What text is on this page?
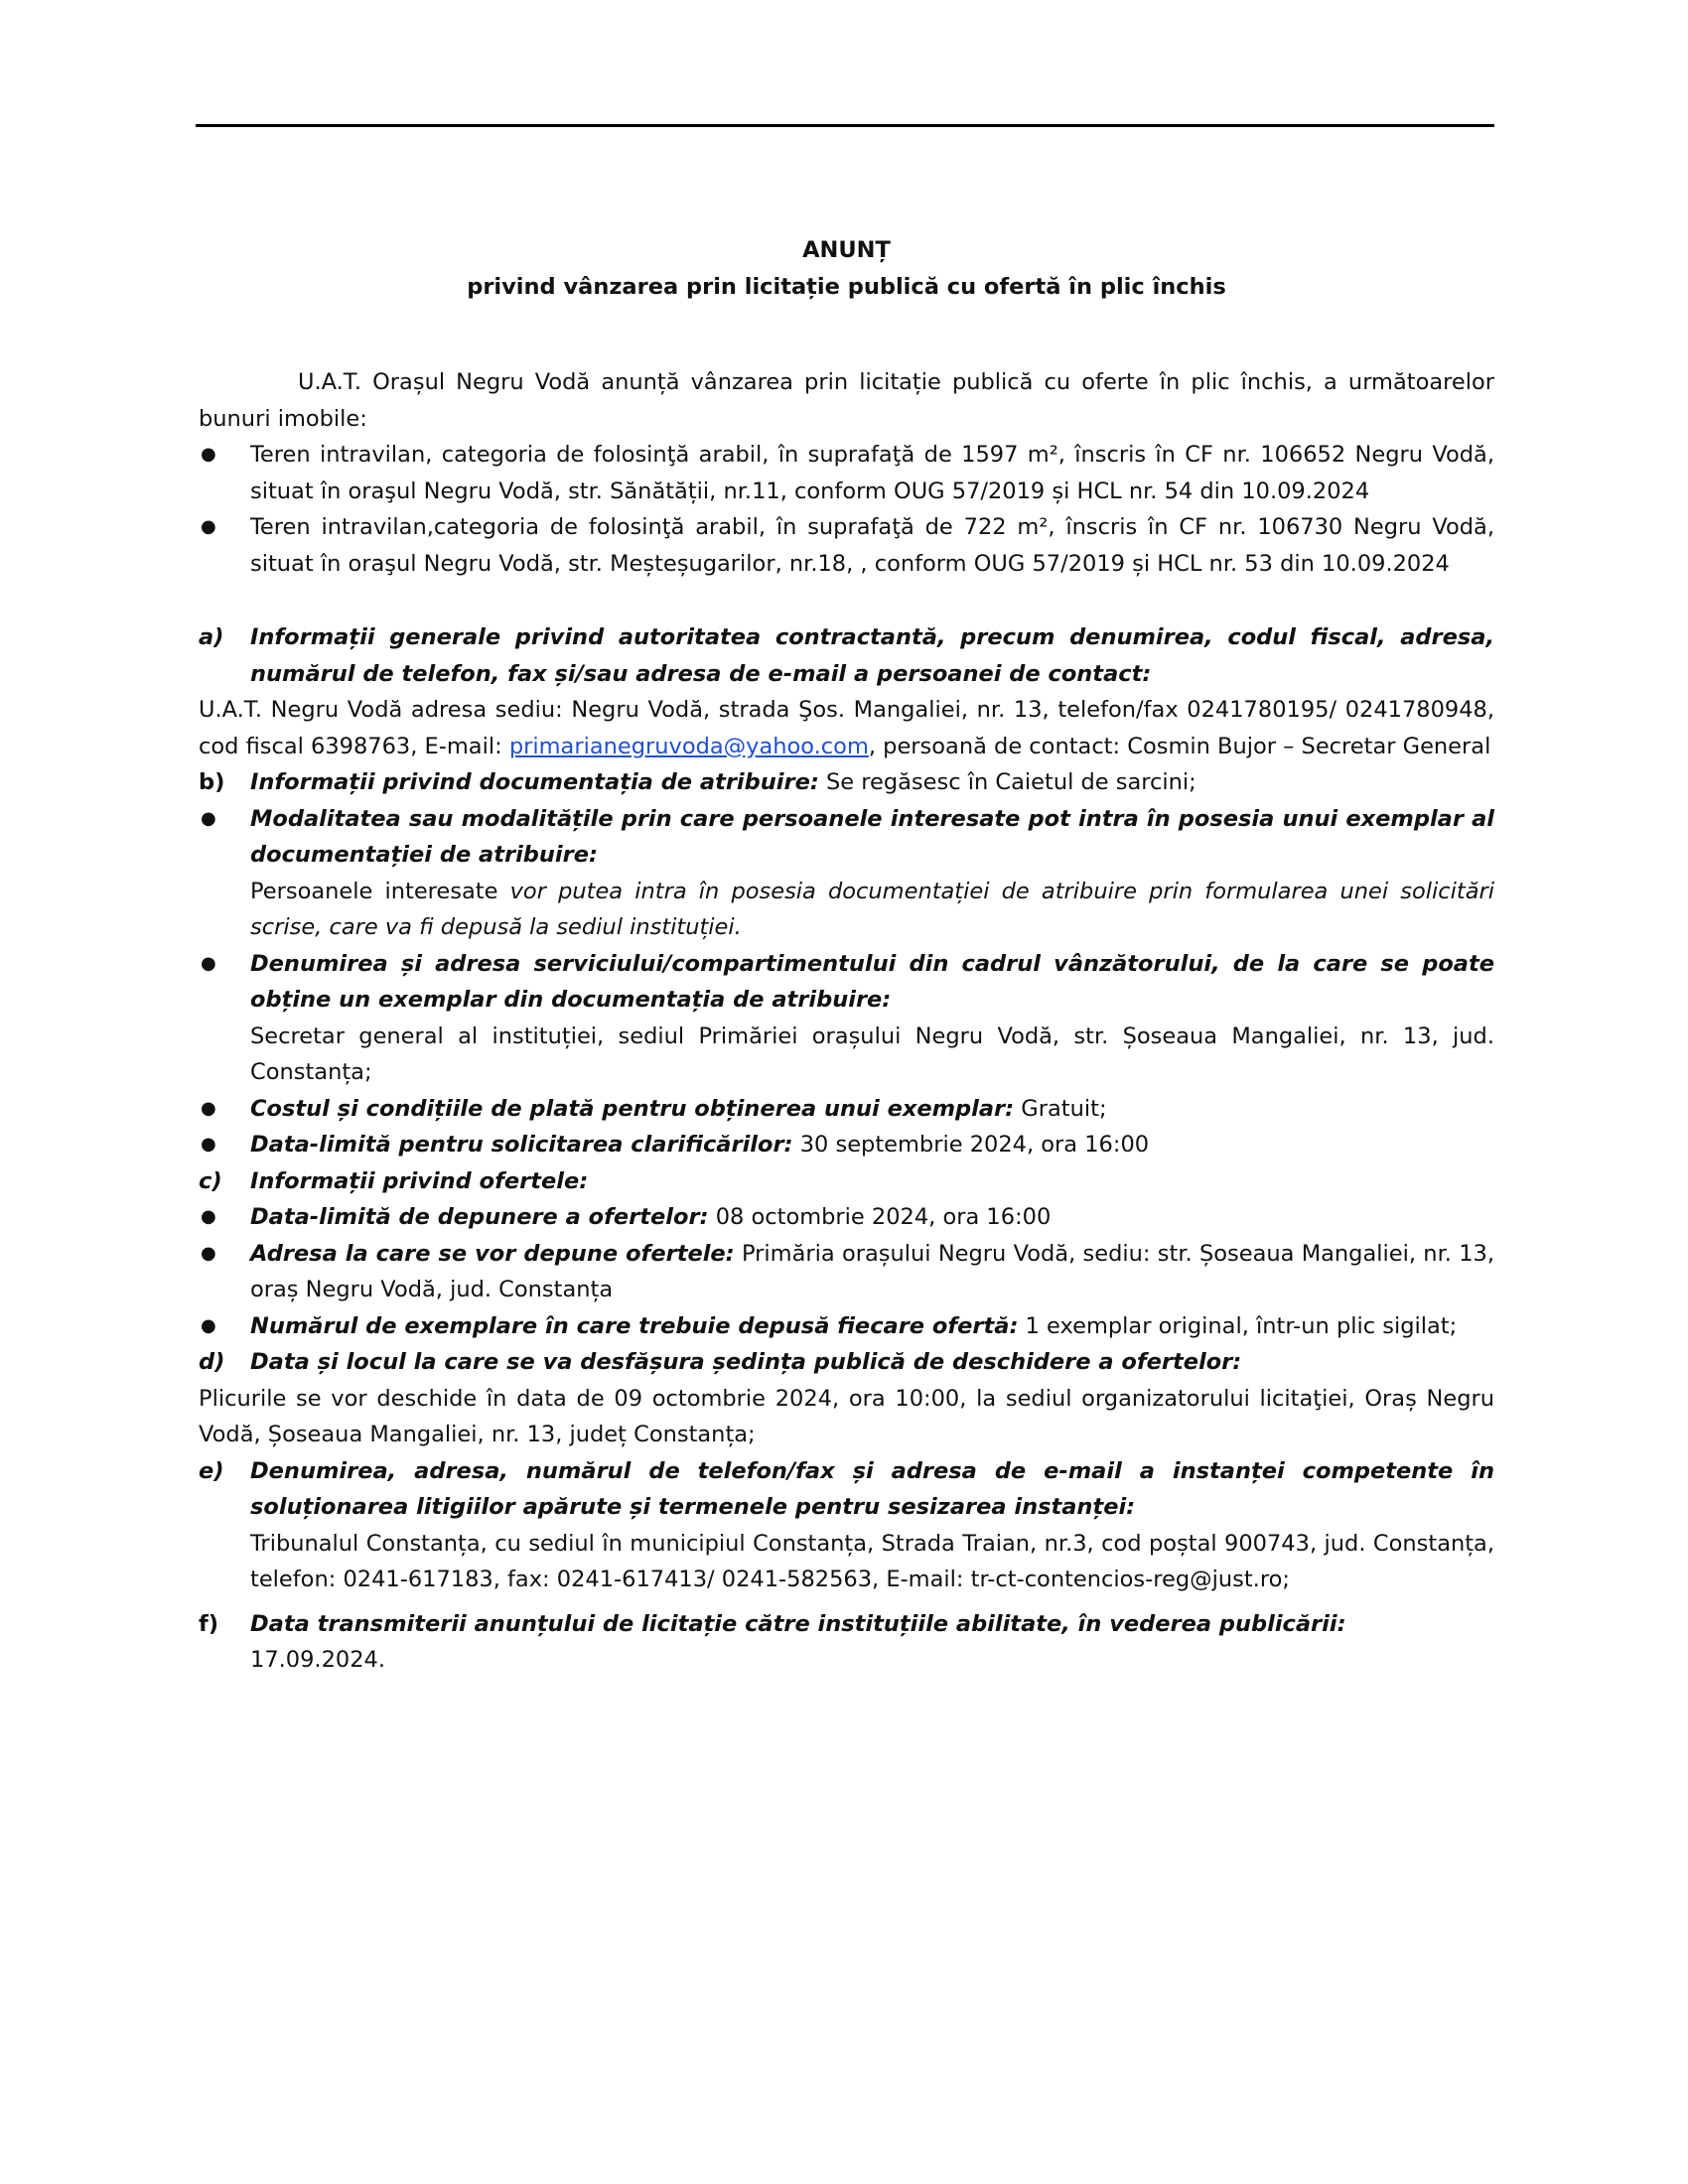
ANUNȚ

privind vânzarea prin licitație publică cu ofertă în plic închis

U.A.T. Orașul Negru Vodă anunță vânzarea prin licitație publică cu oferte în plic închis, a următoarelor bunuri imobile:

●	Teren intravilan, categoria de folosinţă arabil, în suprafaţă de 1597 m², înscris în CF nr. 106652 Negru Vodă, situat în oraşul Negru Vodă, str. Sănătății, nr.11, conform OUG 57/2019 și HCL nr. 54 din 10.09.2024

●	Teren intravilan,categoria de folosinţă arabil, în suprafaţă de 722 m², înscris în CF nr. 106730 Negru Vodă, situat în oraşul Negru Vodă, str. Meșteșugarilor, nr.18, , conform OUG 57/2019 și HCL nr. 53 din 10.09.2024

a)	Informații generale privind autoritatea contractantă, precum denumirea, codul fiscal, adresa, numărul de telefon, fax și/sau adresa de e-mail a persoanei de contact:

U.A.T. Negru Vodă adresa sediu: Negru Vodă, strada Şos. Mangaliei, nr. 13, telefon/fax 0241780195/ 0241780948, cod fiscal 6398763, E-mail: primarianegruvoda@yahoo.com, persoană de contact: Cosmin Bujor – Secretar General

b)	Informații privind documentația de atribuire: Se regăsesc în Caietul de sarcini;

●	Modalitatea sau modalitățile prin care persoanele interesate pot intra în posesia unui exemplar al documentației de atribuire:
Persoanele interesate vor putea intra în posesia documentației de atribuire prin formularea unei solicitări scrise, care va fi depusă la sediul instituției.

●	Denumirea și adresa serviciului/compartimentului din cadrul vânzătorului, de la care se poate obține un exemplar din documentația de atribuire:
Secretar general al instituției, sediul Primăriei orașului Negru Vodă, str. Șoseaua Mangaliei, nr. 13, jud. Constanța;

●	Costul și condițiile de plată pentru obținerea unui exemplar: Gratuit;

●	Data-limită pentru solicitarea clarificărilor: 30 septembrie 2024, ora 16:00

c)	Informații privind ofertele:

●	Data-limită de depunere a ofertelor: 08 octombrie 2024, ora 16:00

●	Adresa la care se vor depune ofertele: Primăria orașului Negru Vodă, sediu: str. Șoseaua Mangaliei, nr. 13, oraș Negru Vodă, jud. Constanța

●	Numărul de exemplare în care trebuie depusă fiecare ofertă: 1 exemplar original, într-un plic sigilat;

d)	Data și locul la care se va desfășura ședința publică de deschidere a ofertelor:

Plicurile se vor deschide în data de 09 octombrie 2024, ora 10:00, la sediul organizatorului licitaţiei, Oraș Negru Vodă, Șoseaua Mangaliei, nr. 13, județ Constanța;

e)	Denumirea, adresa, numărul de telefon/fax și adresa de e-mail a instanței competente în soluționarea litigiilor apărute și termenele pentru sesizarea instanței:

Tribunalul Constanța, cu sediul în municipiul Constanța, Strada Traian, nr.3, cod poștal 900743, jud. Constanța, telefon: 0241-617183, fax: 0241-617413/ 0241-582563, E-mail: tr-ct-contencios-reg@just.ro;

f)	Data transmiterii anunțului de licitație către instituțiile abilitate, în vederea publicării:
17.09.2024.
